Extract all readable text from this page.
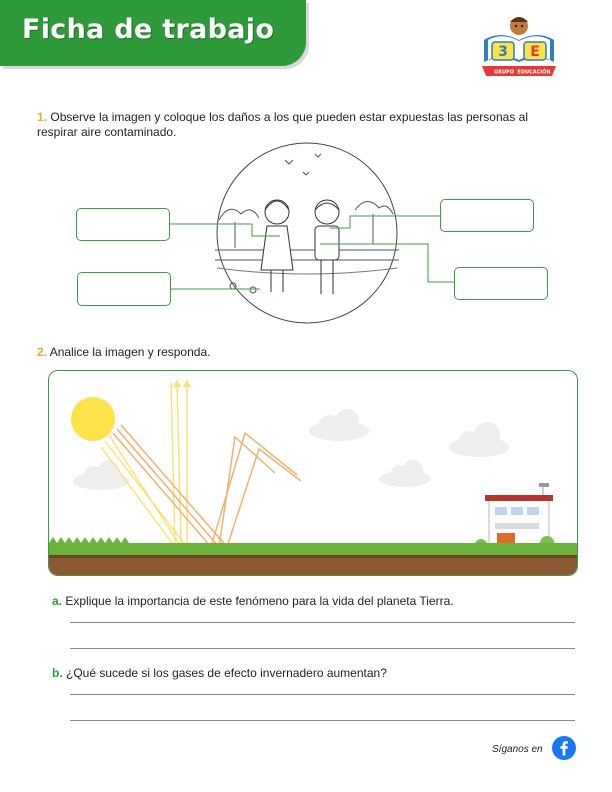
Ficha de trabajo
3 E
GRUPO EDUCACIÓN
1. Observe la imagen y coloque los daños a los que pueden estar expuestas las personas al respirar aire contaminado.
2. Analice la imagen y responda.
a. Explique la importancia de este fenómeno para la vida del planeta Tierra.
b. ¿Qué sucede si los gases de efecto invernadero aumentan?
Síganos en
